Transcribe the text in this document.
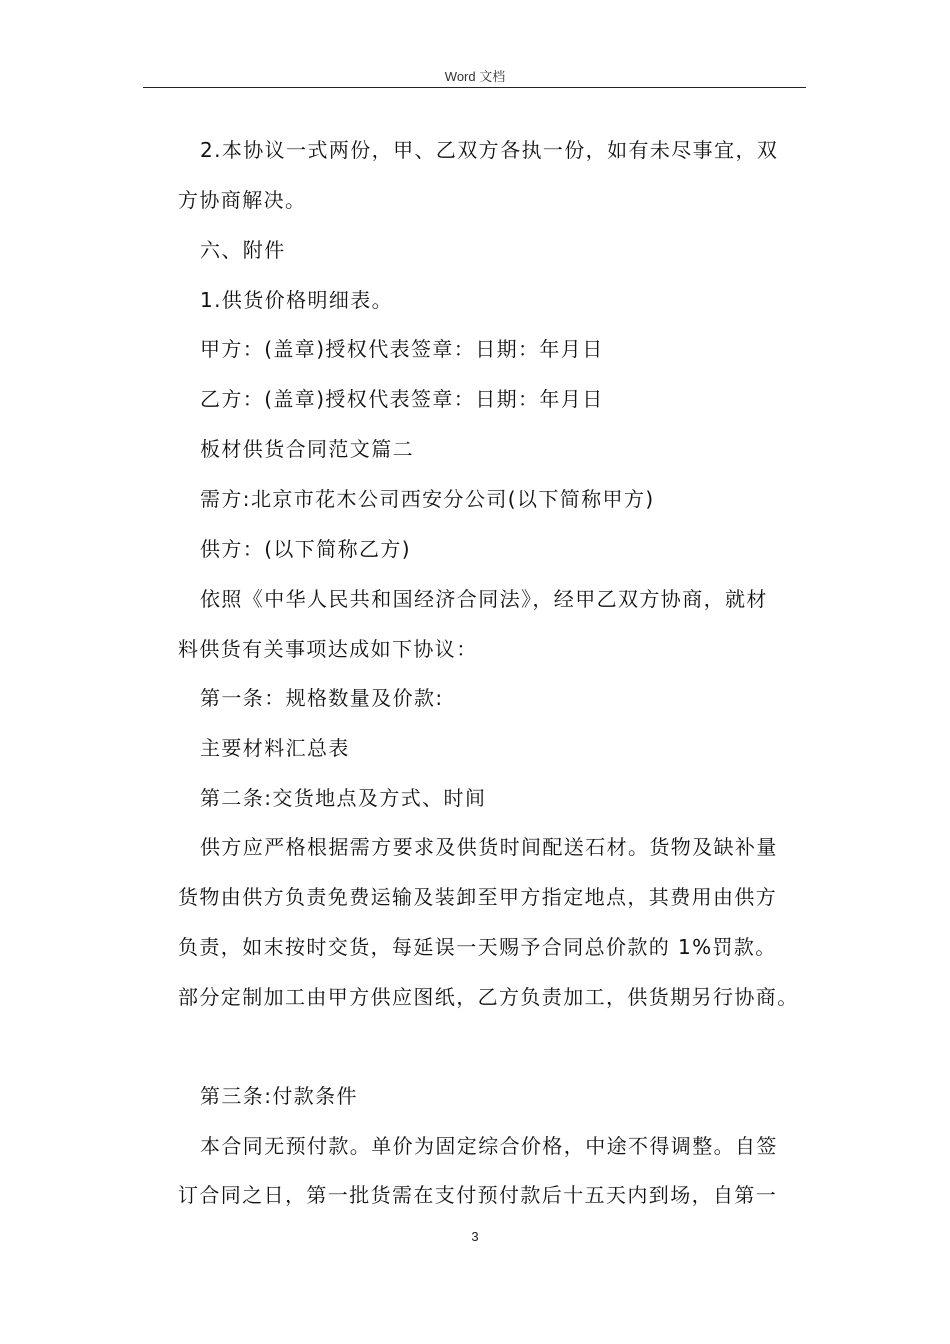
Word 文档
2.本协议一式两份，甲、乙双方各执一份，如有未尽事宜，双
方协商解决。
六、附件
1.供货价格明细表。
甲方：(盖章)授权代表签章：日期：年月日
乙方：(盖章)授权代表签章：日期：年月日
板材供货合同范文篇二
需方:北京市花木公司西安分公司(以下简称甲方)
供方：(以下简称乙方)
依照《中华人民共和国经济合同法》，经甲乙双方协商，就材
料供货有关事项达成如下协议：
第一条：规格数量及价款:
主要材料汇总表
第二条:交货地点及方式、时间
供方应严格根据需方要求及供货时间配送石材。货物及缺补量
货物由供方负责免费运输及装卸至甲方指定地点，其费用由供方
负责，如末按时交货，每延误一天赐予合同总价款的 1%罚款。
部分定制加工由甲方供应图纸，乙方负责加工，供货期另行协商。
第三条:付款条件
本合同无预付款。单价为固定综合价格，中途不得调整。自签
订合同之日，第一批货需在支付预付款后十五天内到场，自第一
3
